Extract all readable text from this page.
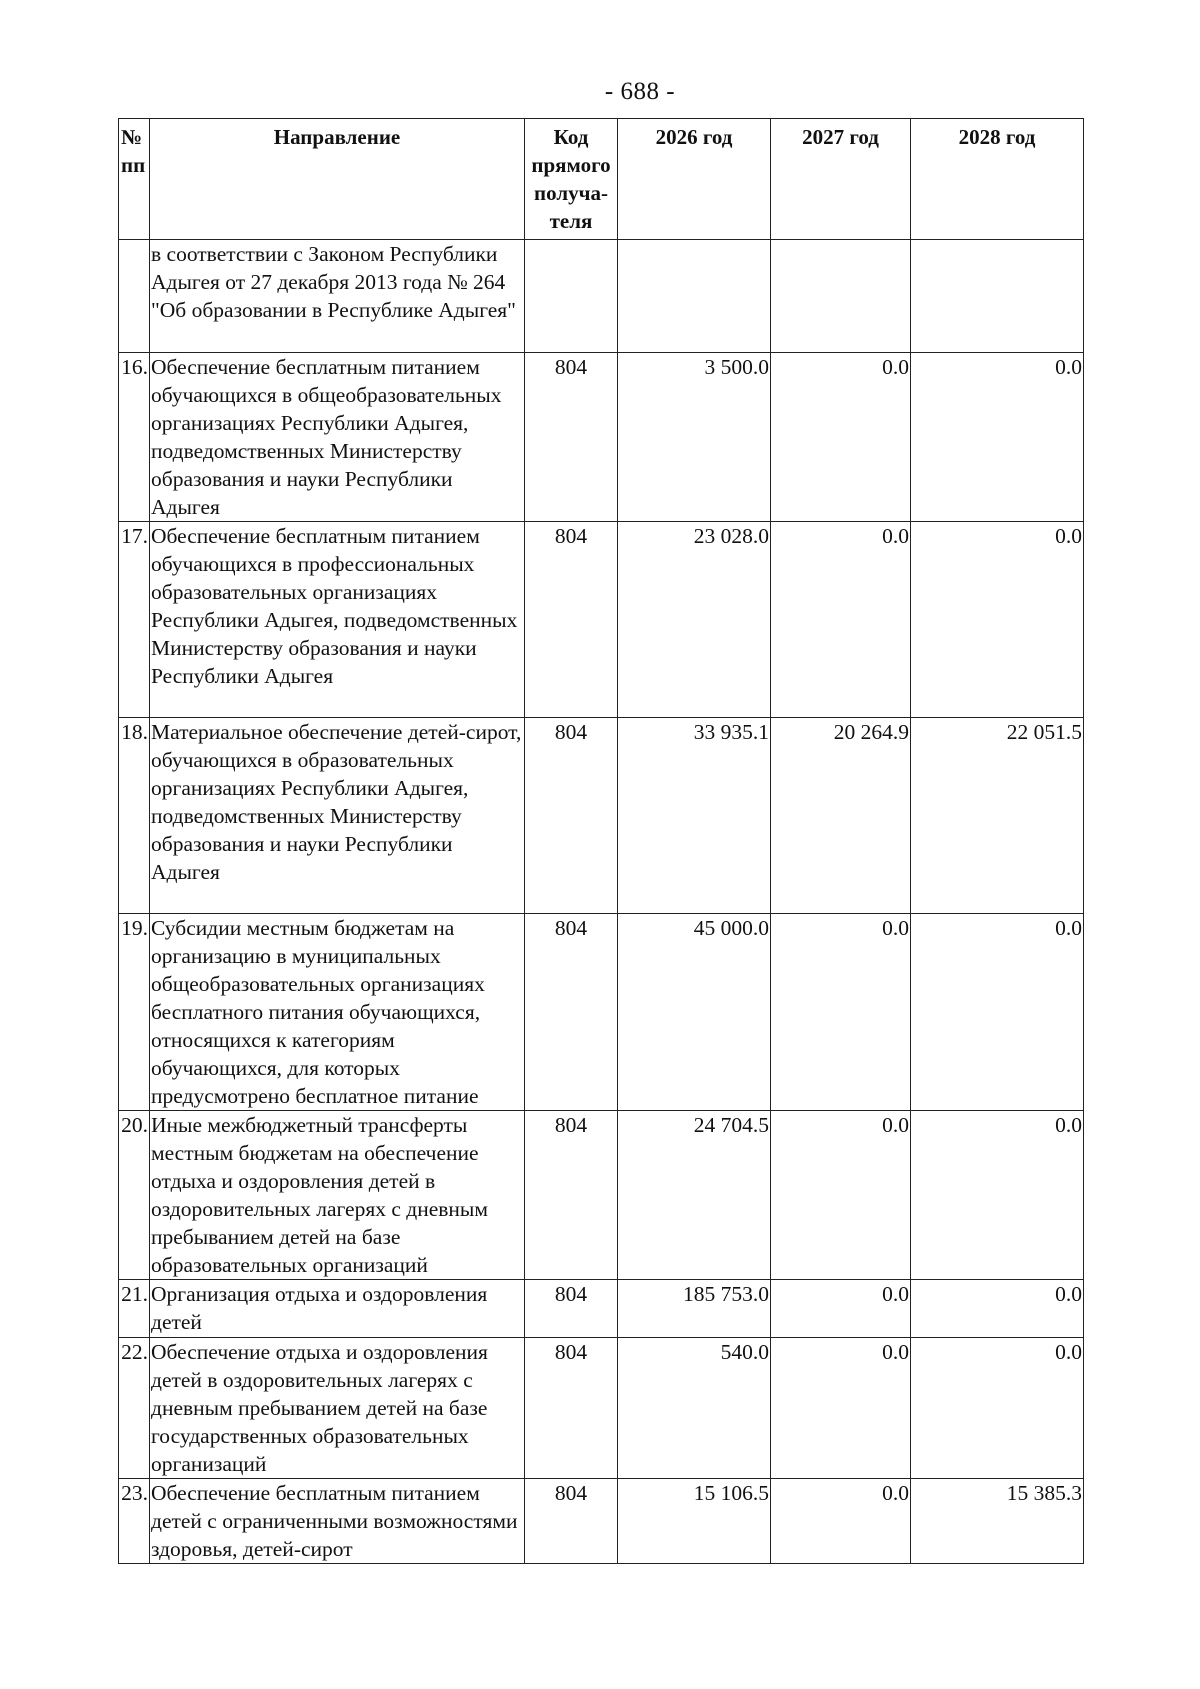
- 688 -
№ пп	Направление	Код прямого получа-теля	2026 год	2027 год	2028 год
	в соответствии с Законом Республики Адыгея от 27 декабря 2013 года № 264 "Об образовании в Республике Адыгея"				
16.	Обеспечение бесплатным питанием обучающихся в общеобразовательных организациях Республики Адыгея, подведомственных Министерству образования и науки Республики Адыгея	804	3 500.0	0.0	0.0
17.	Обеспечение бесплатным питанием обучающихся в профессиональных образовательных организациях Республики Адыгея, подведомственных Министерству образования и науки Республики Адыгея	804	23 028.0	0.0	0.0
18.	Материальное обеспечение детей-сирот, обучающихся в образовательных организациях Республики Адыгея, подведомственных Министерству образования и науки Республики Адыгея	804	33 935.1	20 264.9	22 051.5
19.	Субсидии местным бюджетам на организацию в муниципальных общеобразовательных организациях бесплатного питания обучающихся, относящихся к категориям обучающихся, для которых предусмотрено бесплатное питание	804	45 000.0	0.0	0.0
20.	Иные межбюджетный трансферты местным бюджетам на обеспечение отдыха и оздоровления детей в оздоровительных лагерях с дневным пребыванием детей на базе образовательных организаций	804	24 704.5	0.0	0.0
21.	Организация отдыха и оздоровления детей	804	185 753.0	0.0	0.0
22.	Обеспечение отдыха и оздоровления детей в оздоровительных лагерях с дневным пребыванием детей на базе государственных образовательных организаций	804	540.0	0.0	0.0
23.	Обеспечение бесплатным питанием детей с ограниченными возможностями здоровья, детей-сирот	804	15 106.5	0.0	15 385.3
